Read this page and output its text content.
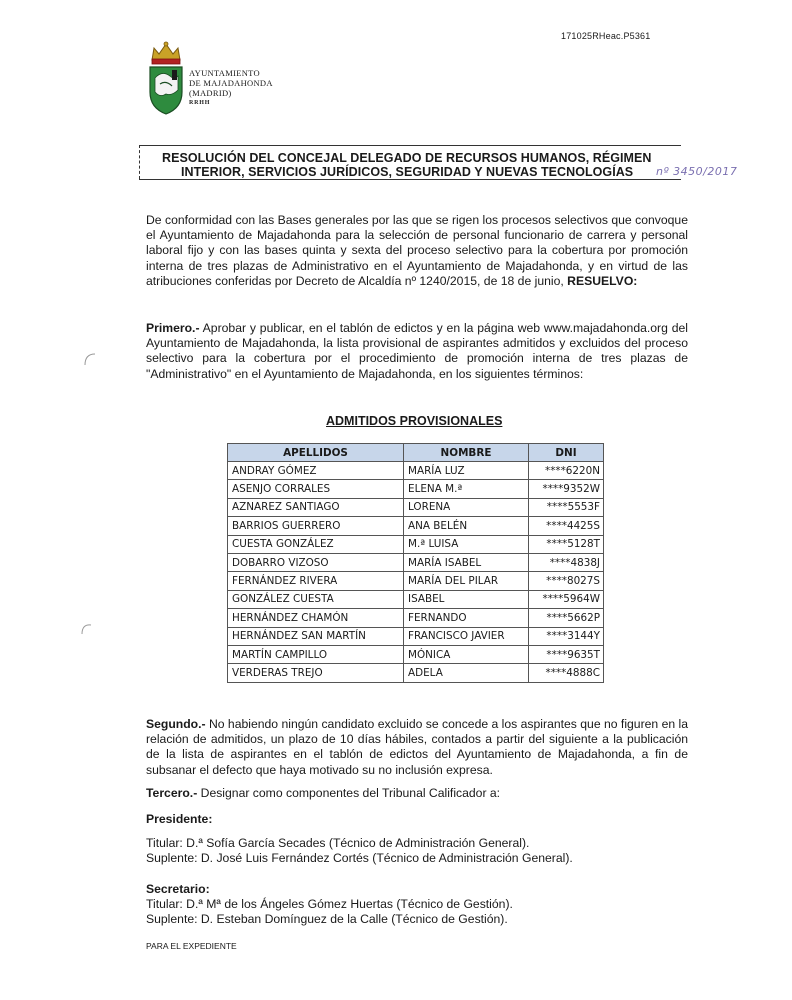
171025RHeac.P5361
AYUNTAMIENTO
DE MAJADAHONDA
(MADRID)
RRHH
RESOLUCIÓN DEL CONCEJAL DELEGADO DE RECURSOS HUMANOS, RÉGIMEN
INTERIOR, SERVICIOS JURÍDICOS, SEGURIDAD Y NUEVAS TECNOLOGÍAS nº 3450/2017
De conformidad con las Bases generales por las que se rigen los procesos selectivos que convoque el Ayuntamiento de Majadahonda para la selección de personal funcionario de carrera y personal laboral fijo y con las bases quinta y sexta del proceso selectivo para la cobertura por promoción interna de tres plazas de Administrativo en el Ayuntamiento de Majadahonda, y en virtud de las atribuciones conferidas por Decreto de Alcaldía nº 1240/2015, de 18 de junio, RESUELVO:
Primero.- Aprobar y publicar, en el tablón de edictos y en la página web www.majadahonda.org del Ayuntamiento de Majadahonda, la lista provisional de aspirantes admitidos y excluidos del proceso selectivo para la cobertura por el procedimiento de promoción interna de tres plazas de "Administrativo" en el Ayuntamiento de Majadahonda, en los siguientes términos:
ADMITIDOS PROVISIONALES
APELLIDOS	NOMBRE	DNI
ANDRAY GÓMEZ	MARÍA LUZ	****6220N
ASENJO CORRALES	ELENA M.ª	****9352W
AZNAREZ SANTIAGO	LORENA	****5553F
BARRIOS GUERRERO	ANA BELÉN	****4425S
CUESTA GONZÁLEZ	M.ª LUISA	****5128T
DOBARRO VIZOSO	MARÍA ISABEL	****4838J
FERNÁNDEZ RIVERA	MARÍA DEL PILAR	****8027S
GONZÁLEZ CUESTA	ISABEL	****5964W
HERNÁNDEZ CHAMÓN	FERNANDO	****5662P
HERNÁNDEZ SAN MARTÍN	FRANCISCO JAVIER	****3144Y
MARTÍN CAMPILLO	MÓNICA	****9635T
VERDERAS TREJO	ADELA	****4888C
Segundo.- No habiendo ningún candidato excluido se concede a los aspirantes que no figuren en la relación de admitidos, un plazo de 10 días hábiles, contados a partir del siguiente a la publicación de la lista de aspirantes en el tablón de edictos del Ayuntamiento de Majadahonda, a fin de subsanar el defecto que haya motivado su no inclusión expresa.
Tercero.- Designar como componentes del Tribunal Calificador a:
Presidente:
Titular: D.ª Sofía García Secades (Técnico de Administración General).
Suplente: D. José Luis Fernández Cortés (Técnico de Administración General).
Secretario:
Titular: D.ª Mª de los Ángeles Gómez Huertas (Técnico de Gestión).
Suplente: D. Esteban Domínguez de la Calle (Técnico de Gestión).
PARA EL EXPEDIENTE
